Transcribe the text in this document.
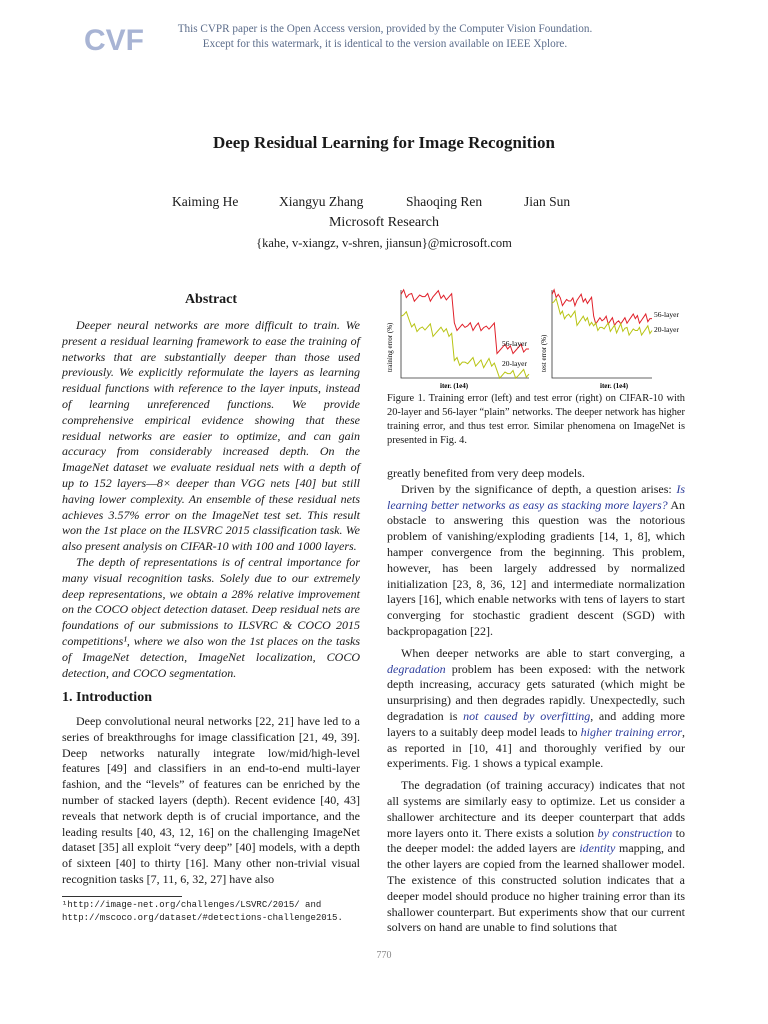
CVF	This CVPR paper is the Open Access version, provided by the Computer Vision Foundation.
Except for this watermark, it is identical to the version available on IEEE Xplore.
Deep Residual Learning for Image Recognition
Kaiming He	Xiangyu Zhang	Shaoqing Ren	Jian Sun
Microsoft Research
{kahe, v-xiangz, v-shren, jiansun}@microsoft.com
Abstract

Deeper neural networks are more difficult to train. We present a residual learning framework to ease the training of networks that are substantially deeper than those used previously. We explicitly reformulate the layers as learning residual functions with reference to the layer inputs, instead of learning unreferenced functions. We provide comprehensive empirical evidence showing that these residual networks are easier to optimize, and can gain accuracy from considerably increased depth. On the ImageNet dataset we evaluate residual nets with a depth of up to 152 layers—8× deeper than VGG nets [40] but still having lower complexity. An ensemble of these residual nets achieves 3.57% error on the ImageNet test set. This result won the 1st place on the ILSVRC 2015 classification task. We also present analysis on CIFAR-10 with 100 and 1000 layers.

The depth of representations is of central importance for many visual recognition tasks. Solely due to our extremely deep representations, we obtain a 28% relative improvement on the COCO object detection dataset. Deep residual nets are foundations of our submissions to ILSVRC & COCO 2015 competitions¹, where we also won the 1st places on the tasks of ImageNet detection, ImageNet localization, COCO detection, and COCO segmentation.

1. Introduction

Deep convolutional neural networks [22, 21] have led to a series of breakthroughs for image classification [21, 49, 39]. Deep networks naturally integrate low/mid/high-level features [49] and classifiers in an end-to-end multi-layer fashion, and the “levels” of features can be enriched by the number of stacked layers (depth). Recent evidence [40, 43] reveals that network depth is of crucial importance, and the leading results [40, 43, 12, 16] on the challenging ImageNet dataset [35] all exploit “very deep” [40] models, with a depth of sixteen [40] to thirty [16]. Many other non-trivial visual recognition tasks [7, 11, 6, 32, 27] have also

¹http://image-net.org/challenges/LSVRC/2015/ and http://mscoco.org/dataset/#detections-challenge2015.
training error (%)	test error (%)
iter. (1e4)	iter. (1e4)
56-layer
20-layer
56-layer
20-layer
Figure 1. Training error (left) and test error (right) on CIFAR-10 with 20-layer and 56-layer “plain” networks. The deeper network has higher training error, and thus test error. Similar phenomena on ImageNet is presented in Fig. 4.

greatly benefited from very deep models.

Driven by the significance of depth, a question arises: Is learning better networks as easy as stacking more layers? An obstacle to answering this question was the notorious problem of vanishing/exploding gradients [14, 1, 8], which hamper convergence from the beginning. This problem, however, has been largely addressed by normalized initialization [23, 8, 36, 12] and intermediate normalization layers [16], which enable networks with tens of layers to start converging for stochastic gradient descent (SGD) with backpropagation [22].

When deeper networks are able to start converging, a degradation problem has been exposed: with the network depth increasing, accuracy gets saturated (which might be unsurprising) and then degrades rapidly. Unexpectedly, such degradation is not caused by overfitting, and adding more layers to a suitably deep model leads to higher training error, as reported in [10, 41] and thoroughly verified by our experiments. Fig. 1 shows a typical example.

The degradation (of training accuracy) indicates that not all systems are similarly easy to optimize. Let us consider a shallower architecture and its deeper counterpart that adds more layers onto it. There exists a solution by construction to the deeper model: the added layers are identity mapping, and the other layers are copied from the learned shallower model. The existence of this constructed solution indicates that a deeper model should produce no higher training error than its shallower counterpart. But experiments show that our current solvers on hand are unable to find solutions that

770
